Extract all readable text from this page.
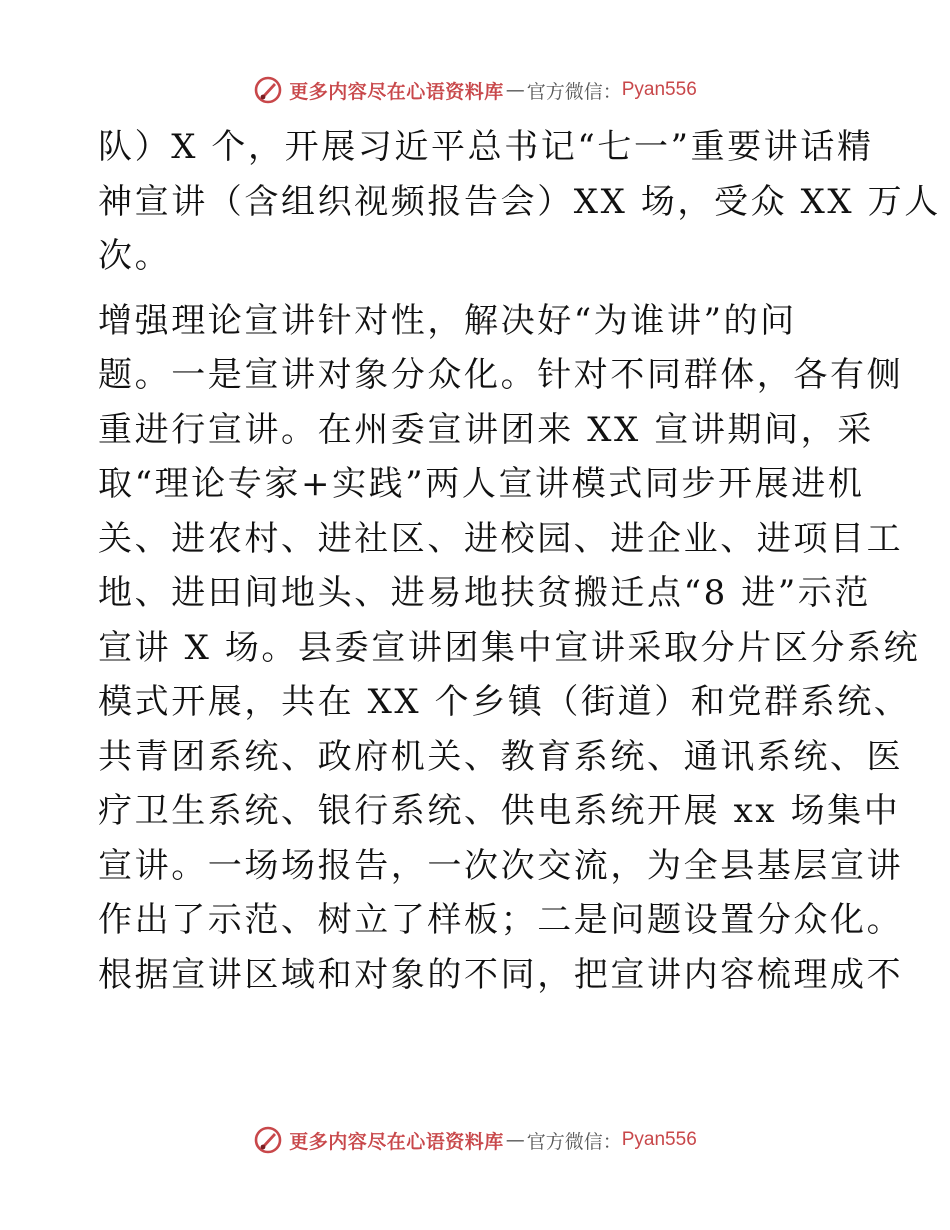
更多内容尽在心语资料库 — 官方微信： Pyan556

队）X 个，开展习近平总书记“七一”重要讲话精
神宣讲（含组织视频报告会）XX 场，受众 XX 万人
次。

增强理论宣讲针对性，解决好“为谁讲”的问
题。一是宣讲对象分众化。针对不同群体，各有侧
重进行宣讲。在州委宣讲团来 XX 宣讲期间，采
取“理论专家+实践”两人宣讲模式同步开展进机
关、进农村、进社区、进校园、进企业、进项目工
地、进田间地头、进易地扶贫搬迁点“8 进”示范
宣讲 X 场。县委宣讲团集中宣讲采取分片区分系统
模式开展，共在 XX 个乡镇（街道）和党群系统、
共青团系统、政府机关、教育系统、通讯系统、医
疗卫生系统、银行系统、供电系统开展 xx 场集中
宣讲。一场场报告，一次次交流，为全县基层宣讲
作出了示范、树立了样板；二是问题设置分众化。
根据宣讲区域和对象的不同，把宣讲内容梳理成不

更多内容尽在心语资料库 — 官方微信： Pyan556
